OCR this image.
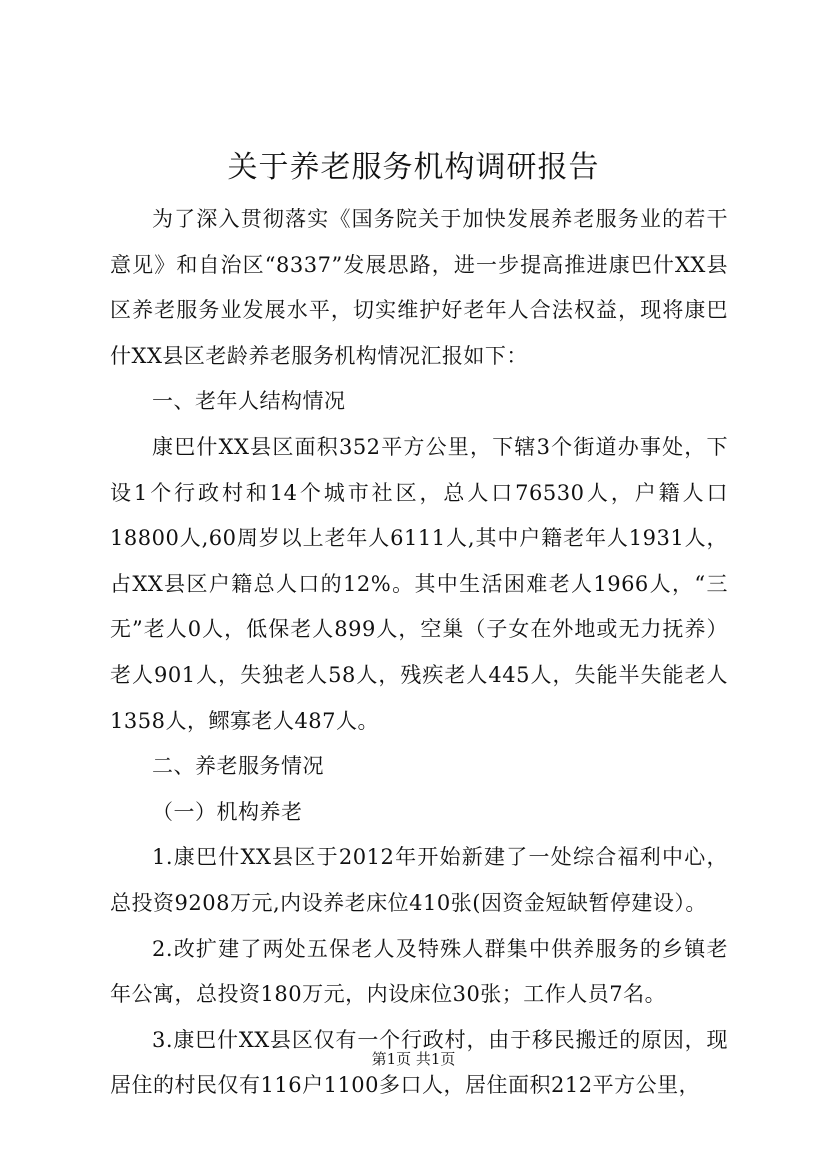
关于养老服务机构调研报告

为了深入贯彻落实《国务院关于加快发展养老服务业的若干意见》和自治区“8337”发展思路，进一步提高推进康巴什XX县区养老服务业发展水平，切实维护好老年人合法权益，现将康巴什XX县区老龄养老服务机构情况汇报如下：

一、老年人结构情况

康巴什XX县区面积352平方公里，下辖3个街道办事处，下设1个行政村和14个城市社区，总人口76530人，户籍人口18800人,60周岁以上老年人6111人,其中户籍老年人1931人，占XX县区户籍总人口的12%。其中生活困难老人1966人，“三无”老人0人，低保老人899人，空巢（子女在外地或无力抚养）老人901人，失独老人58人，残疾老人445人，失能半失能老人1358人，鳏寡老人487人。

二、养老服务情况

（一）机构养老

1.康巴什XX县区于2012年开始新建了一处综合福利中心，总投资9208万元,内设养老床位410张(因资金短缺暂停建设）。

2.改扩建了两处五保老人及特殊人群集中供养服务的乡镇老年公寓，总投资180万元，内设床位30张；工作人员7名。

3.康巴什XX县区仅有一个行政村，由于移民搬迁的原因，现居住的村民仅有116户1100多口人，居住面积212平方公里，

第1页 共1页
